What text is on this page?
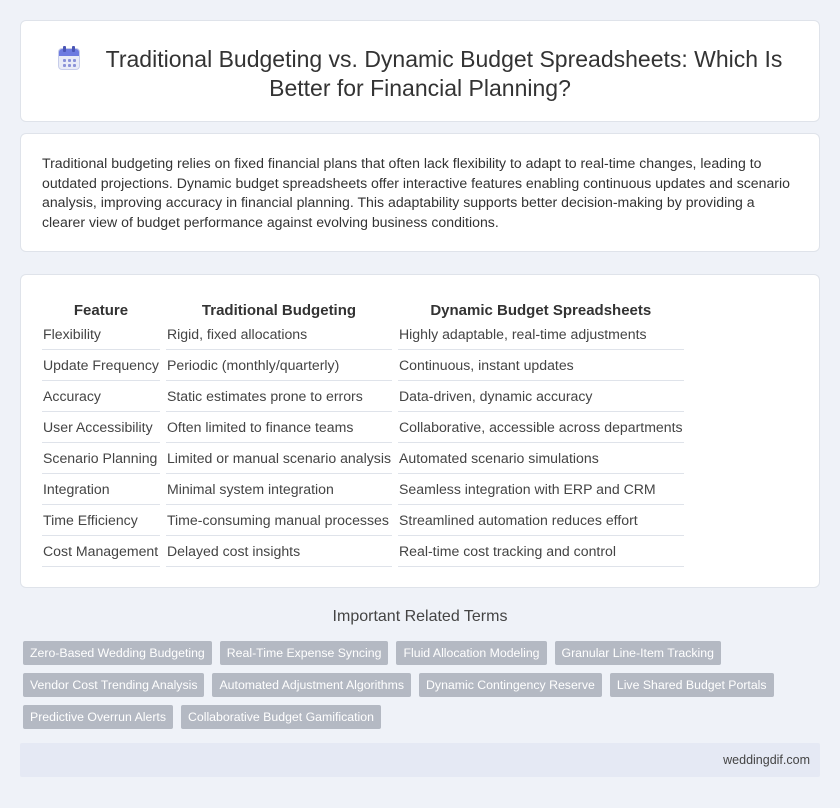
Traditional Budgeting vs. Dynamic Budget Spreadsheets: Which Is Better for Financial Planning?

Traditional budgeting relies on fixed financial plans that often lack flexibility to adapt to real-time changes, leading to outdated projections. Dynamic budget spreadsheets offer interactive features enabling continuous updates and scenario analysis, improving accuracy in financial planning. This adaptability supports better decision-making by providing a clearer view of budget performance against evolving business conditions.

Feature	Traditional Budgeting	Dynamic Budget Spreadsheets
Flexibility	Rigid, fixed allocations	Highly adaptable, real-time adjustments
Update Frequency	Periodic (monthly/quarterly)	Continuous, instant updates
Accuracy	Static estimates prone to errors	Data-driven, dynamic accuracy
User Accessibility	Often limited to finance teams	Collaborative, accessible across departments
Scenario Planning	Limited or manual scenario analysis	Automated scenario simulations
Integration	Minimal system integration	Seamless integration with ERP and CRM
Time Efficiency	Time-consuming manual processes	Streamlined automation reduces effort
Cost Management	Delayed cost insights	Real-time cost tracking and control
Important Related Terms
Zero-Based Wedding Budgeting	Real-Time Expense Syncing	Fluid Allocation Modeling	Granular Line-Item Tracking
Vendor Cost Trending Analysis	Automated Adjustment Algorithms	Dynamic Contingency Reserve	Live Shared Budget Portals
Predictive Overrun Alerts	Collaborative Budget Gamification
weddingdif.com
